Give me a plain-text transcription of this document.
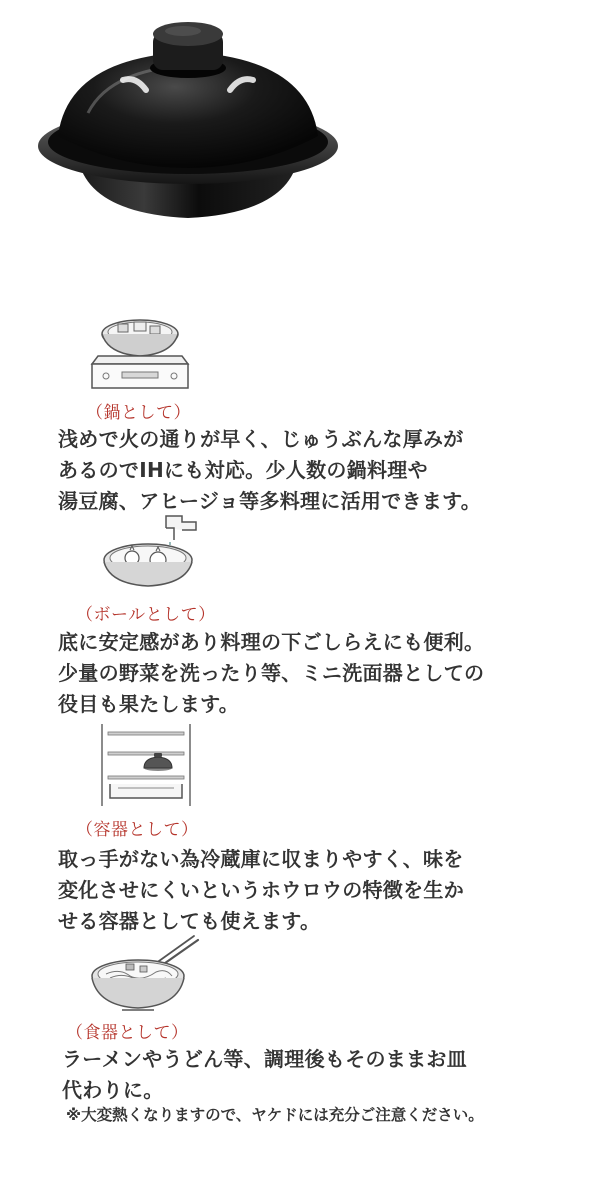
（鍋として）

浅めで火の通りが早く、じゅうぶんな厚みが

あるのでIHにも対応。少人数の鍋料理や

湯豆腐、アヒージョ等多料理に活用できます。

（ボールとして）

底に安定感があり料理の下ごしらえにも便利。

少量の野菜を洗ったり等、ミニ洗面器としての

役目も果たします。

（容器として）

取っ手がない為冷蔵庫に収まりやすく、味を

変化させにくいというホウロウの特徴を生か

せる容器としても使えます。

（食器として）

ラーメンやうどん等、調理後もそのままお皿

代わりに。

※大変熱くなりますので、ヤケドには充分ご注意ください。
